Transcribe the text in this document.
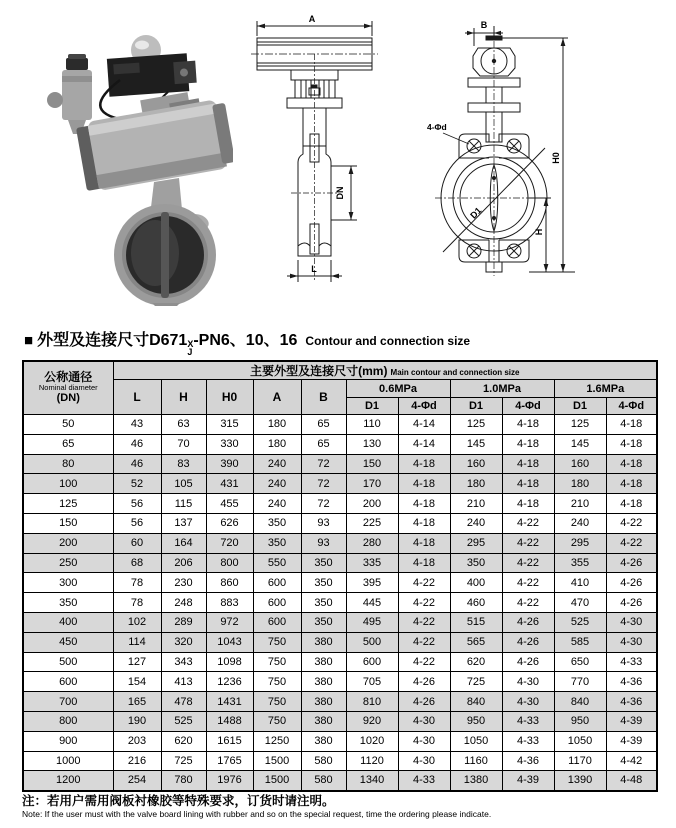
A
DN
L
B
D1
4-Φd
H0
H
■ 外型及连接尺寸D671 X
J
-PN6、10、16 Contour and connection size
公称通径
Nominal diameter
(DN)	主要外型及连接尺寸(mm) Main contour and connection size										
	L	H	H0	A	B	0.6MPa		1.0MPa		1.6MPa	
						D1	4-Φd	D1	4-Φd	D1	4-Φd
50	43	63	315	180	65	110	4-14	125	4-18	125	4-18
65	46	70	330	180	65	130	4-14	145	4-18	145	4-18
80	46	83	390	240	72	150	4-18	160	4-18	160	4-18
100	52	105	431	240	72	170	4-18	180	4-18	180	4-18
125	56	115	455	240	72	200	4-18	210	4-18	210	4-18
150	56	137	626	350	93	225	4-18	240	4-22	240	4-22
200	60	164	720	350	93	280	4-18	295	4-22	295	4-22
250	68	206	800	550	350	335	4-18	350	4-22	355	4-26
300	78	230	860	600	350	395	4-22	400	4-22	410	4-26
350	78	248	883	600	350	445	4-22	460	4-22	470	4-26
400	102	289	972	600	350	495	4-22	515	4-26	525	4-30
450	114	320	1043	750	380	500	4-22	565	4-26	585	4-30
500	127	343	1098	750	380	600	4-22	620	4-26	650	4-33
600	154	413	1236	750	380	705	4-26	725	4-30	770	4-36
700	165	478	1431	750	380	810	4-26	840	4-30	840	4-36
800	190	525	1488	750	380	920	4-30	950	4-33	950	4-39
900	203	620	1615	1250	380	1020	4-30	1050	4-33	1050	4-39
1000	216	725	1765	1500	580	1120	4-30	1160	4-36	1170	4-42
1200	254	780	1976	1500	580	1340	4-33	1380	4-39	1390	4-48
注：若用户需用阀板衬橡胶等特殊要求，订货时请注明。
Note: If the user must with the valve board lining with rubber and so on the special request, time the ordering please indicate.
